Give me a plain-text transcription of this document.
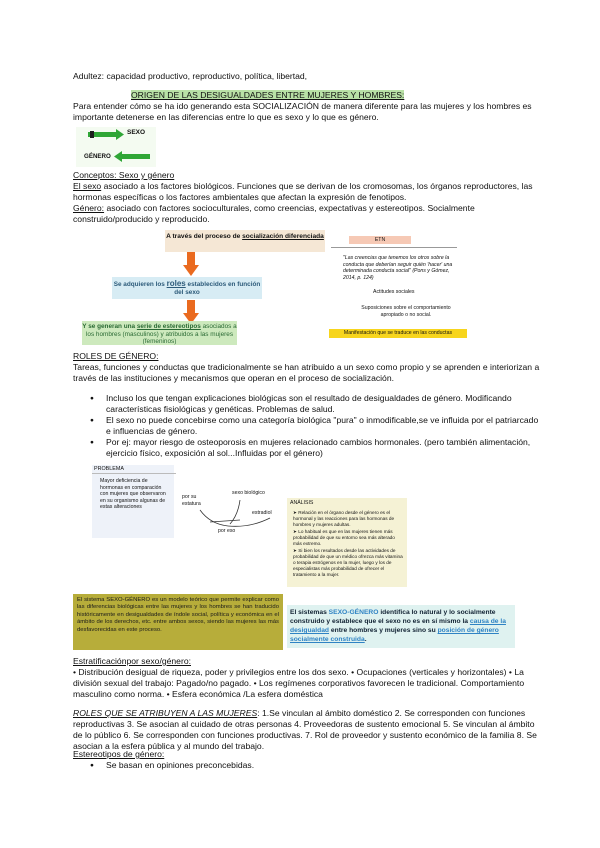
Adultez: capacidad productivo, reproductivo, política, libertad,
ORIGEN DE LAS DESIGUALDADES ENTRE MUJERES Y HOMBRES:
Para entender cómo se ha ido generando esta SOCIALIZACIÓN de manera diferente para las mujeres y los hombres es importante detenerse en las diferencias entre lo que es sexo y lo que es género.
SEXO
GÉNERO
Conceptos: Sexo y género
El sexo asociado a los factores biológicos. Funciones que se derivan de los cromosomas, los órganos reproductores, las hormonas específicas o los factores ambientales que afectan la expresión de fenotipos.
Género: asociado con factores socioculturales, como creencias, expectativas y estereotipos. Socialmente construido/producido y reproducido.
A través del proceso de socialización diferenciada
Se adquieren los roles establecidos en función del sexo
Y se generan una serie de estereotipos asociados a los hombres (masculinos) y atribuidos a las mujeres (femeninos)
ETN
"Las creencias que tenemos los otros sobre la conducta que deberían seguir quién 'hacer' una determinada conducta social" (Pons y Gómez, 2014, p. 124)
Actitudes sociales
Suposiciones sobre el comportamiento apropiado o no social.
Manifestación que se traduce en las conductas
ROLES DE GÉNERO:
Tareas, funciones y conductas que tradicionalmente se han atribuido a un sexo como propio y se aprenden e interiorizan a través de las instituciones y mecanismos que operan en el proceso de socialización.
● Incluso los que tengan explicaciones biológicas son el resultado de desigualdades de género. Modificando características fisiológicas y genéticas. Problemas de salud.
● El sexo no puede concebirse como una categoría biológica "pura" o inmodificable,se ve influida por el patriarcado e influencias de género.
● Por ej: mayor riesgo de osteoporosis en mujeres relacionado cambios hormonales. (pero también alimentación, ejercicio físico, exposición al sol...Influidas por el género)
PROBLEMA
Mayor deficiencia de hormonas en comparación con mujeres que observaron en su organismo algunas de estas alteraciones
por su estatura
sexo biológico
estradiol
por eso
ANÁLISIS
➤ Relación en el órgano desde el género es el hormonal y las reacciones para las hormonas de hombres y mujeres adultas.
➤ Lo habitual es que en las mujeres tienen más probabilidad de que su entorno sea más alterado más extremo.
➤ Si bien los resultados desde las actividades de probabilidad de que un médico ofrezca más vitamina o terapia estrógenos en la mujer, luego y los de especialistas más probabilidad de ofrecer el tratamiento a la mujer.
El sistema SEXO-GÉNERO es un modelo teórico que permite explicar como las diferencias biológicas entre las mujeres y los hombres se han traducido históricamente en desigualdades de índole social, política y económica en el ámbito de los derechos, etc. entre ambos sexos, siendo las mujeres las más desfavorecidas en este proceso.
El sistemas SEXO-GÉNERO identifica lo natural y lo socialmente construido y establece que el sexo no es en sí mismo la causa de la desigualdad entre hombres y mujeres sino su posición de género socialmente construida.
Estratificaciónpor sexo/género:
• Distribución desigual de riqueza, poder y privilegios entre los dos sexo. • Ocupaciones (verticales y horizontales) • La división sexual del trabajo: Pagado/no pagado. • Los regímenes corporativos favorecen le tradicional. Comportamiento masculino como norma. • Esfera económica /La esfera doméstica
ROLES QUE SE ATRIBUYEN A LAS MUJERES: 1.Se vinculan al ámbito doméstico 2. Se corresponden con funciones reproductivas 3. Se asocian al cuidado de otras personas 4. Proveedoras de sustento emocional 5. Se vinculan al ámbito de lo público 6. Se corresponden con funciones productivas. 7. Rol de proveedor y sustento económico de la familia 8. Se asocian a la esfera pública y al mundo del trabajo.
Estereotipos de género:
● Se basan en opiniones preconcebidas.
